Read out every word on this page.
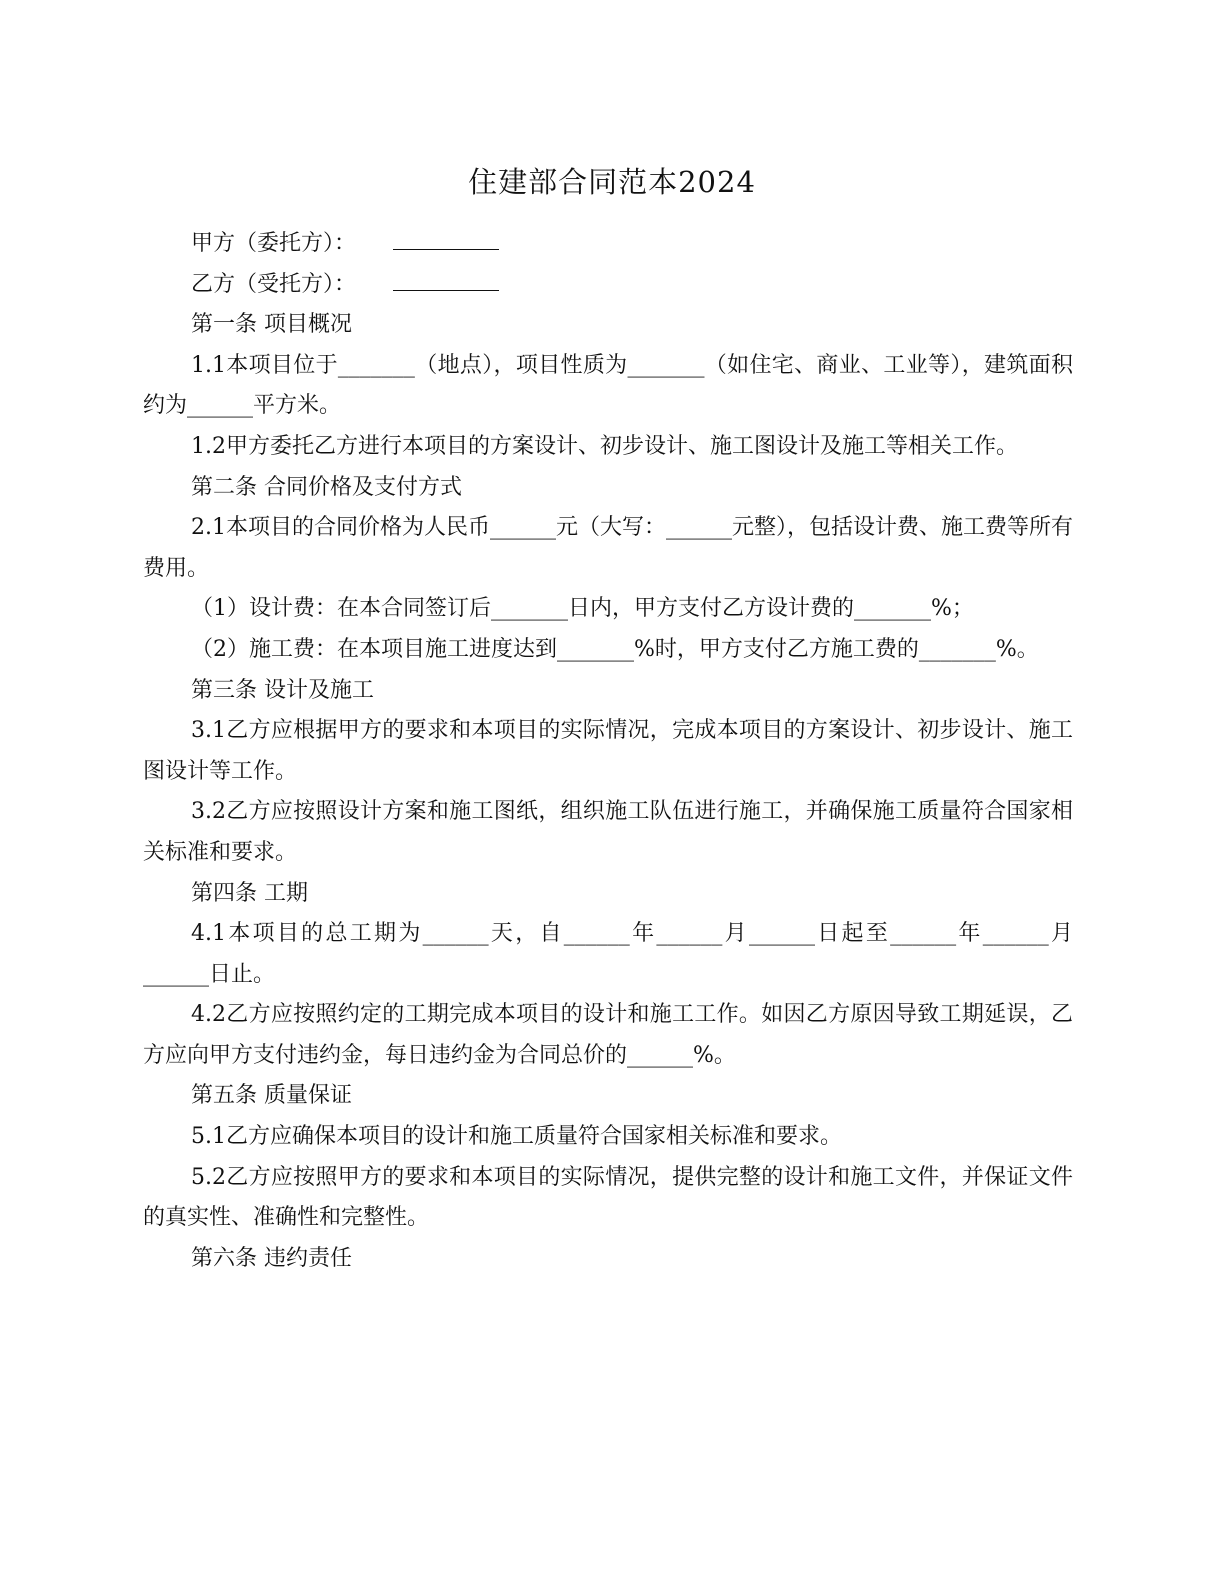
住建部合同范本2024
甲方（委托方）：
乙方（受托方）：

第一条 项目概况

1.1本项目位于_______（地点），项目性质为_______（如住宅、商业、工业等），建筑面积约为______平方米。

1.2甲方委托乙方进行本项目的方案设计、初步设计、施工图设计及施工等相关工作。

第二条 合同价格及支付方式

2.1本项目的合同价格为人民币______元（大写：______元整），包括设计费、施工费等所有费用。

（1）设计费：在本合同签订后_______日内，甲方支付乙方设计费的_______%；

（2）施工费：在本项目施工进度达到_______%时，甲方支付乙方施工费的_______%。

第三条 设计及施工

3.1乙方应根据甲方的要求和本项目的实际情况，完成本项目的方案设计、初步设计、施工图设计等工作。

3.2乙方应按照设计方案和施工图纸，组织施工队伍进行施工，并确保施工质量符合国家相关标准和要求。

第四条 工期

4.1本项目的总工期为______天，自______年______月______日起至______年______月______日止。

4.2乙方应按照约定的工期完成本项目的设计和施工工作。如因乙方原因导致工期延误，乙方应向甲方支付违约金，每日违约金为合同总价的______%。

第五条 质量保证

5.1乙方应确保本项目的设计和施工质量符合国家相关标准和要求。

5.2乙方应按照甲方的要求和本项目的实际情况，提供完整的设计和施工文件，并保证文件的真实性、准确性和完整性。

第六条 违约责任
